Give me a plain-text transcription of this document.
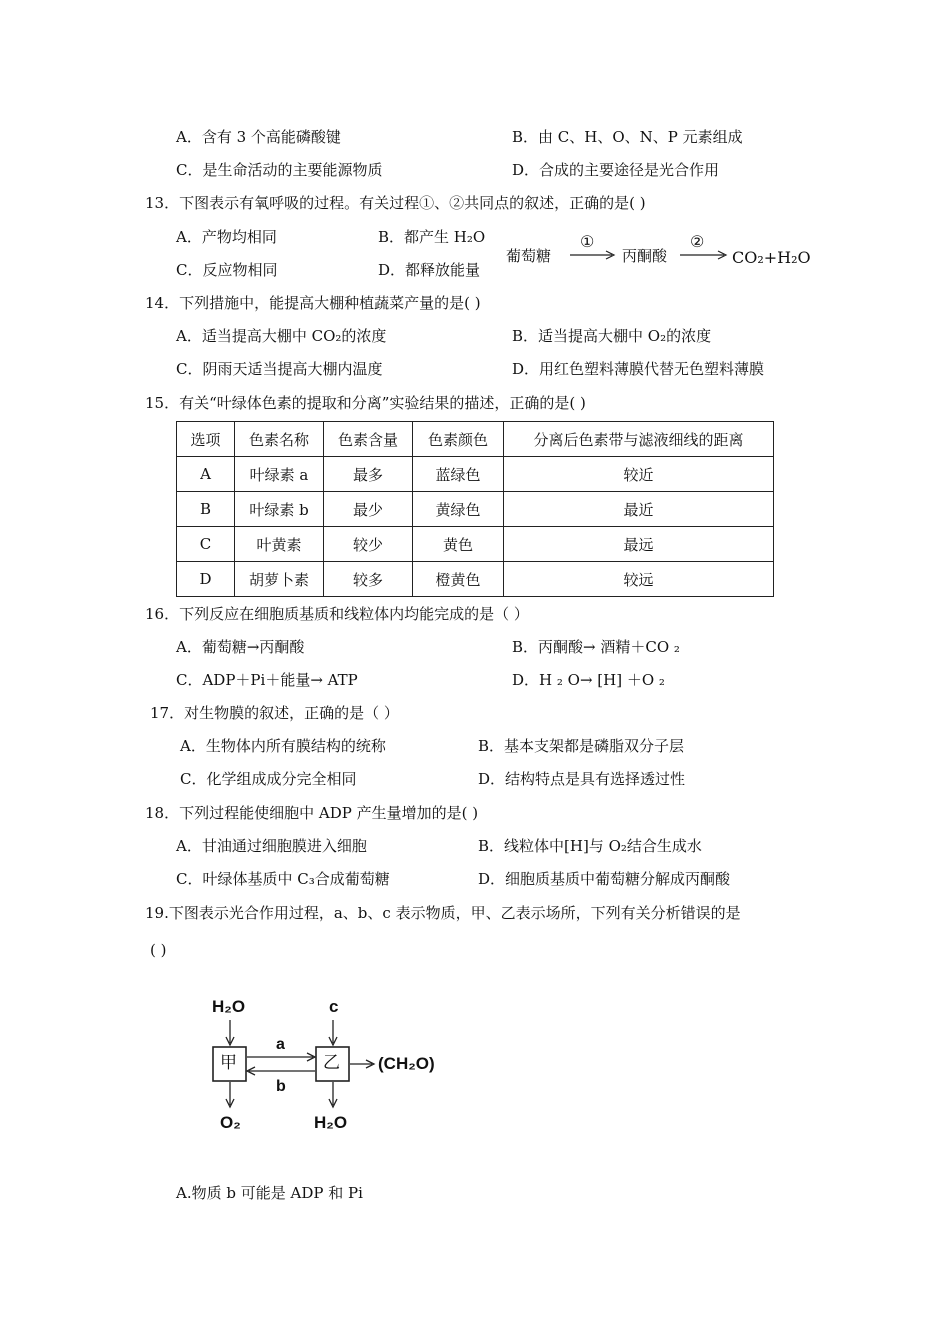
A．含有 3 个高能磷酸键	B．由 C、H、O、N、P 元素组成
C．是生命活动的主要能源物质	D．合成的主要途径是光合作用
13．下图表示有氧呼吸的过程。有关过程①、②共同点的叙述，正确的是( )
A．产物均相同	B．都产生 H₂O
C．反应物相同	D．都释放能量
葡萄糖
①
丙酮酸
②
CO₂+H₂O
14．下列措施中，能提高大棚种植蔬菜产量的是( )
A．适当提高大棚中 CO₂的浓度	B．适当提高大棚中 O₂的浓度
C．阴雨天适当提高大棚内温度	D．用红色塑料薄膜代替无色塑料薄膜
15．有关“叶绿体色素的提取和分离”实验结果的描述，正确的是( )
选项	色素名称	色素含量	色素颜色	分离后色素带与滤液细线的距离
A	叶绿素 a	最多	蓝绿色	较近
B	叶绿素 b	最少	黄绿色	最近
C	叶黄素	较少	黄色	最远
D	胡萝卜素	较多	橙黄色	较远
16．下列反应在细胞质基质和线粒体内均能完成的是（ ）
A．葡萄糖→丙酮酸	B．丙酮酸→ 酒精＋CO ₂
C．ADP＋Pi＋能量→ ATP	D．H ₂ O→ [H] ＋O ₂
17．对生物膜的叙述，正确的是（ ）
A．生物体内所有膜结构的统称	B．基本支架都是磷脂双分子层
C．化学组成成分完全相同	D．结构特点是具有选择透过性
18．下列过程能使细胞中 ADP 产生量增加的是( )
A．甘油通过细胞膜进入细胞	B．线粒体中[H]与 O₂结合生成水
C．叶绿体基质中 C₃合成葡萄糖	D．细胞质基质中葡萄糖分解成丙酮酸
19.下图表示光合作用过程，a、b、c 表示物质，甲、乙表示场所，下列有关分析错误的是
( )
H₂O	c
a
b
甲	乙 (CH₂O)
O₂	H₂O
A.物质 b 可能是 ADP 和 Pi
